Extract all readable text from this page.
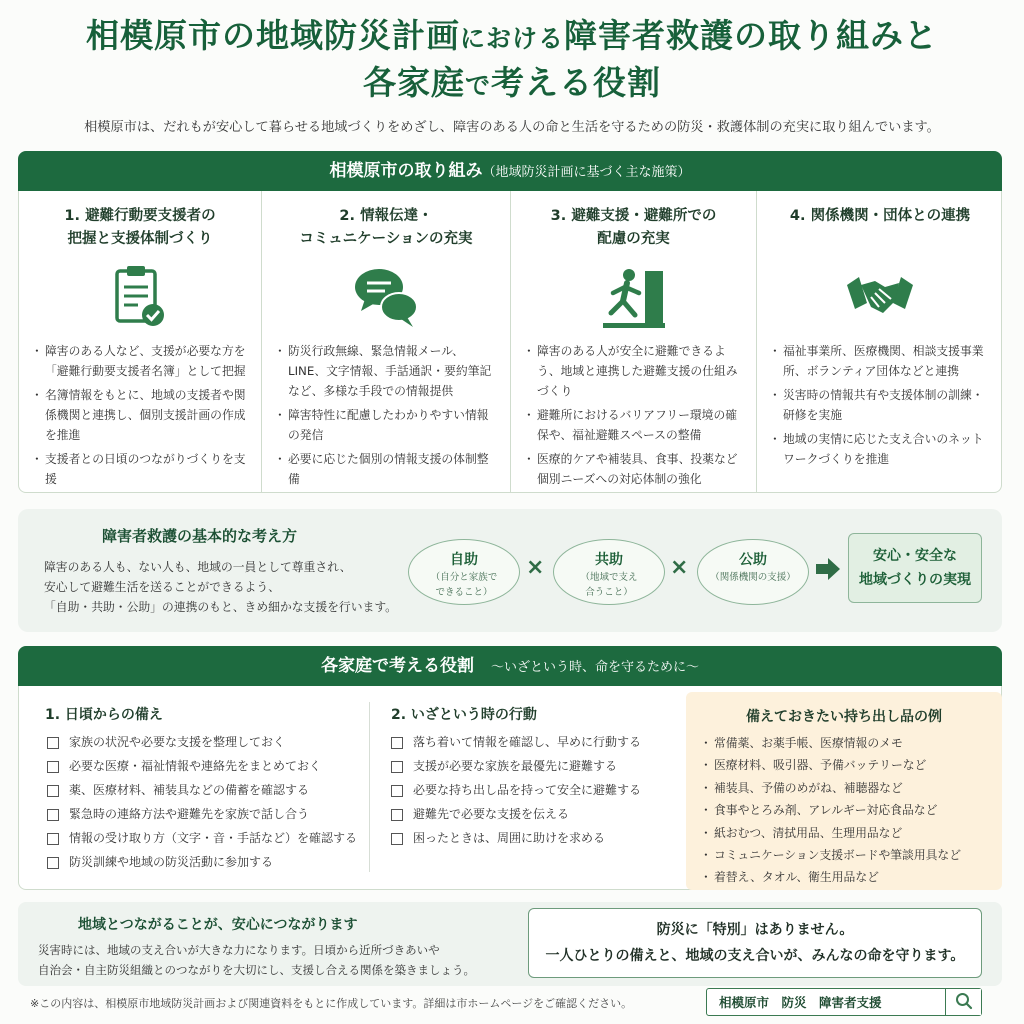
相模原市の地域防災計画における障害者救護の取り組みと
各家庭で考える役割
相模原市は、だれもが安心して暮らせる地域づくりをめざし、障害のある人の命と生活を守るための防災・救護体制の充実に取り組んでいます。
相模原市の取り組み（地域防災計画に基づく主な施策）
1. 避難行動要支援者の
把握と支援体制づくり
・ 障害のある人など、支援が必要な方を「避難行動要支援者名簿」として把握
・ 名簿情報をもとに、地域の支援者や関係機関と連携し、個別支援計画の作成を推進
・ 支援者との日頃のつながりづくりを支援
2. 情報伝達・
コミュニケーションの充実
・ 防災行政無線、緊急情報メール、LINE、文字情報、手話通訳・要約筆記など、多様な手段での情報提供
・ 障害特性に配慮したわかりやすい情報の発信
・ 必要に応じた個別の情報支援の体制整備
3. 避難支援・避難所での
配慮の充実
・ 障害のある人が安全に避難できるよう、地域と連携した避難支援の仕組みづくり
・ 避難所におけるバリアフリー環境の確保や、福祉避難スペースの整備
・ 医療的ケアや補装具、食事、投薬など個別ニーズへの対応体制の強化
4. 関係機関・団体との連携
・ 福祉事業所、医療機関、相談支援事業所、ボランティア団体などと連携
・ 災害時の情報共有や支援体制の訓練・研修を実施
・ 地域の実情に応じた支え合いのネットワークづくりを推進
障害者救護の基本的な考え方
障害のある人も、ない人も、地域の一員として尊重され、
安心して避難生活を送ることができるよう、
「自助・共助・公助」の連携のもと、きめ細かな支援を行います。
自助
（自分と家族で
できること）
×	共助
（地域で支え
合うこと）
×	公助
（関係機関の支援）
安心・安全な
地域づくりの実現
各家庭で考える役割　 〜いざという時、命を守るために〜
1. 日頃からの備え
家族の状況や必要な支援を整理しておく
必要な医療・福祉情報や連絡先をまとめておく
薬、医療材料、補装具などの備蓄を確認する
緊急時の連絡方法や避難先を家族で話し合う
情報の受け取り方（文字・音・手話など）を確認する
防災訓練や地域の防災活動に参加する
2. いざという時の行動
落ち着いて情報を確認し、早めに行動する
支援が必要な家族を最優先に避難する
必要な持ち出し品を持って安全に避難する
避難先で必要な支援を伝える
困ったときは、周囲に助けを求める
備えておきたい持ち出し品の例
・ 常備薬、お薬手帳、医療情報のメモ
・ 医療材料、吸引器、予備バッテリーなど
・ 補装具、予備のめがね、補聴器など
・ 食事やとろみ剤、アレルギー対応食品など
・ 紙おむつ、清拭用品、生理用品など
・ コミュニケーション支援ボードや筆談用具など
・ 着替え、タオル、衛生用品など
地域とつながることが、安心につながります
災害時には、地域の支え合いが大きな力になります。日頃から近所づきあいや
自治会・自主防災組織とのつながりを大切にし、支援し合える関係を築きましょう。
防災に「特別」はありません。
一人ひとりの備えと、地域の支え合いが、みんなの命を守ります。
※この内容は、相模原市地域防災計画および関連資料をもとに作成しています。詳細は市ホームページをご確認ください。
相模原市　防災　障害者支援
